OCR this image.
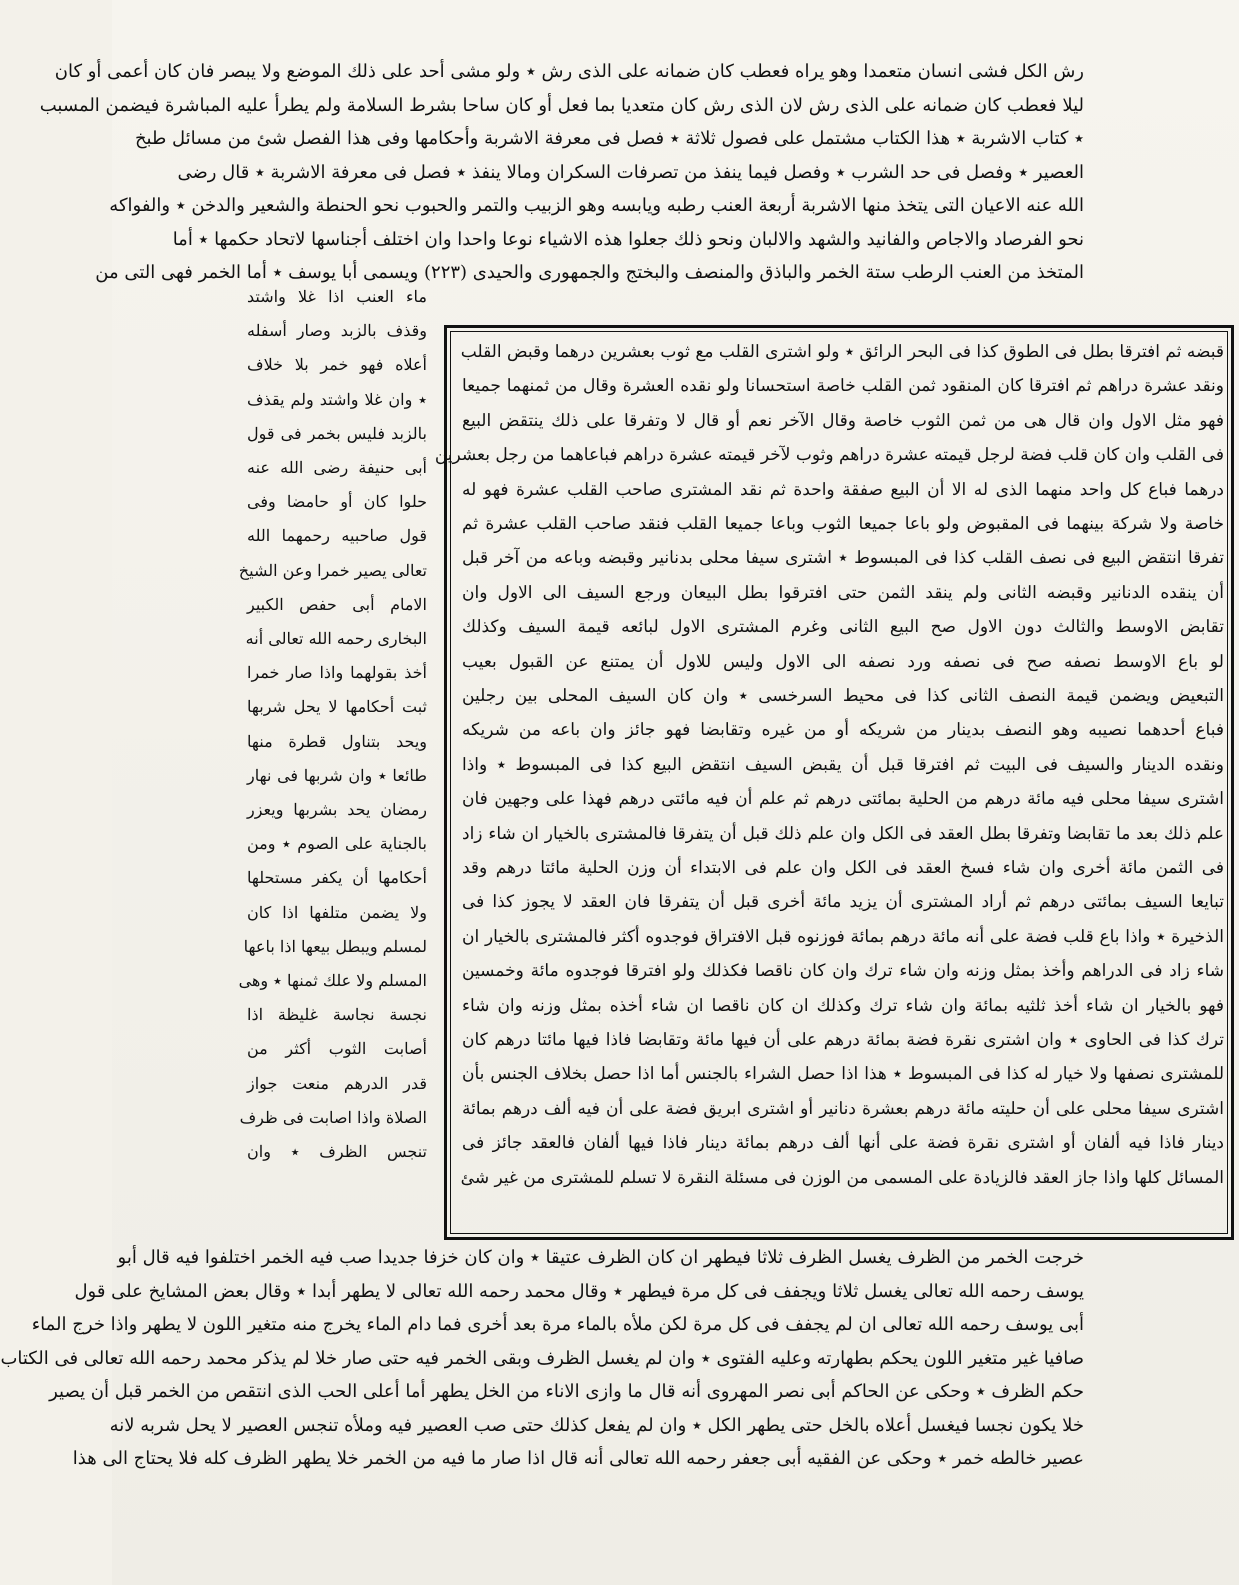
رش الكل فشى انسان متعمدا وهو يراه فعطب كان ضمانه على الذى رش ٭ ولو مشى أحد على ذلك الموضع ولا يبصر فان كان أعمى أو كان
ليلا فعطب كان ضمانه على الذى رش لان الذى رش كان متعديا بما فعل أو كان ساحا بشرط السلامة ولم يطرأ عليه المباشرة فيضمن المسبب
٭ كتاب الاشربة ٭ هذا الكتاب مشتمل على فصول ثلاثة ٭ فصل فى معرفة الاشربة وأحكامها وفى هذا الفصل شئ من مسائل طبخ
العصير ٭ وفصل فى حد الشرب ٭ وفصل فيما ينفذ من تصرفات السكران ومالا ينفذ ٭ فصل فى معرفة الاشربة ٭ قال رضى
الله عنه الاعيان التى يتخذ منها الاشربة أربعة العنب رطبه ويابسه وهو الزبيب والتمر والحبوب نحو الحنطة والشعير والدخن ٭ والفواكه
نحو الفرصاد والاجاص والفانيد والشهد والالبان ونحو ذلك جعلوا هذه الاشياء نوعا واحدا وان اختلف أجناسها لاتحاد حكمها ٭ أما
المتخذ من العنب الرطب ستة الخمر والباذق والمنصف والبختج والجمهورى والحيدى (٢٢٣) ويسمى أبا يوسف ٭ أما الخمر فهى التى من
ماء العنب اذا غلا واشتد
وقذف بالزبد وصار أسفله
أعلاه فهو خمر بلا خلاف
٭ وان غلا واشتد ولم يقذف
بالزبد فليس بخمر فى قول
أبى حنيفة رضى الله عنه
حلوا كان أو حامضا وفى
قول صاحبيه رحمهما الله
تعالى يصير خمرا وعن الشيخ
الامام أبى حفص الكبير
البخارى رحمه الله تعالى أنه
أخذ بقولهما واذا صار خمرا
ثبت أحكامها لا يحل شربها
ويحد بتناول قطرة منها
طائعا ٭ وان شربها فى نهار
رمضان يحد بشربها ويعزر
بالجناية على الصوم ٭ ومن
أحكامها أن يكفر مستحلها
ولا يضمن متلفها اذا كان
لمسلم ويبطل بيعها اذا باعها
المسلم ولا علك ثمنها ٭ وهى
نجسة نجاسة غليظة اذا
أصابت الثوب أكثر من
قدر الدرهم منعت جواز
الصلاة واذا اصابت فى ظرف
تنجس الظرف ٭ وان
قبضه ثم افترقا بطل فى الطوق كذا فى البحر الرائق ٭ ولو اشترى القلب مع ثوب بعشرين درهما وقبض القلب
ونقد عشرة دراهم ثم افترقا كان المنقود ثمن القلب خاصة استحسانا ولو نقده العشرة وقال من ثمنهما جميعا
فهو مثل الاول وان قال هى من ثمن الثوب خاصة وقال الآخر نعم أو قال لا وتفرقا على ذلك ينتقض البيع
فى القلب وان كان قلب فضة لرجل قيمته عشرة دراهم وثوب لآخر قيمته عشرة دراهم فباعاهما من رجل بعشرين
درهما فباع كل واحد منهما الذى له الا أن البيع صفقة واحدة ثم نقد المشترى صاحب القلب عشرة فهو له
خاصة ولا شركة بينهما فى المقبوض ولو باعا جميعا الثوب وباعا جميعا القلب فنقد صاحب القلب عشرة ثم
تفرقا انتقض البيع فى نصف القلب كذا فى المبسوط ٭ اشترى سيفا محلى بدنانير وقبضه وباعه من آخر قبل
أن ينقده الدنانير وقبضه الثانى ولم ينقد الثمن حتى افترقوا بطل البيعان ورجع السيف الى الاول وان
تقابض الاوسط والثالث دون الاول صح البيع الثانى وغرم المشترى الاول لبائعه قيمة السيف وكذلك
لو باع الاوسط نصفه صح فى نصفه ورد نصفه الى الاول وليس للاول أن يمتنع عن القبول بعيب
التبعيض ويضمن قيمة النصف الثانى كذا فى محيط السرخسى ٭ وان كان السيف المحلى بين رجلين
فباع أحدهما نصيبه وهو النصف بدينار من شريكه أو من غيره وتقابضا فهو جائز وان باعه من شريكه
ونقده الدينار والسيف فى البيت ثم افترقا قبل أن يقبض السيف انتقض البيع كذا فى المبسوط ٭ واذا
اشترى سيفا محلى فيه مائة درهم من الحلية بمائتى درهم ثم علم أن فيه مائتى درهم فهذا على وجهين فان
علم ذلك بعد ما تقابضا وتفرقا بطل العقد فى الكل وان علم ذلك قبل أن يتفرقا فالمشترى بالخيار ان شاء زاد
فى الثمن مائة أخرى وان شاء فسخ العقد فى الكل وان علم فى الابتداء أن وزن الحلية مائتا درهم وقد
تبايعا السيف بمائتى درهم ثم أراد المشترى أن يزيد مائة أخرى قبل أن يتفرقا فان العقد لا يجوز كذا فى
الذخيرة ٭ واذا باع قلب فضة على أنه مائة درهم بمائة فوزنوه قبل الافتراق فوجدوه أكثر فالمشترى بالخيار ان
شاء زاد فى الدراهم وأخذ بمثل وزنه وان شاء ترك وان كان ناقصا فكذلك ولو افترقا فوجدوه مائة وخمسين
فهو بالخيار ان شاء أخذ ثلثيه بمائة وان شاء ترك وكذلك ان كان ناقصا ان شاء أخذه بمثل وزنه وان شاء
ترك كذا فى الحاوى ٭ وان اشترى نقرة فضة بمائة درهم على أن فيها مائة وتقابضا فاذا فيها مائتا درهم كان
للمشترى نصفها ولا خيار له كذا فى المبسوط ٭ هذا اذا حصل الشراء بالجنس أما اذا حصل بخلاف الجنس بأن
اشترى سيفا محلى على أن حليته مائة درهم بعشرة دنانير أو اشترى ابريق فضة على أن فيه ألف درهم بمائة
دينار فاذا فيه ألفان أو اشترى نقرة فضة على أنها ألف درهم بمائة دينار فاذا فيها ألفان فالعقد جائز فى
المسائل كلها واذا جاز العقد فالزيادة على المسمى من الوزن فى مسئلة النقرة لا تسلم للمشترى من غير شئ
خرجت الخمر من الظرف يغسل الظرف ثلاثا فيطهر ان كان الظرف عتيقا ٭ وان كان خزفا جديدا صب فيه الخمر اختلفوا فيه قال أبو
يوسف رحمه الله تعالى يغسل ثلاثا ويجفف فى كل مرة فيطهر ٭ وقال محمد رحمه الله تعالى لا يطهر أبدا ٭ وقال بعض المشايخ على قول
أبى يوسف رحمه الله تعالى ان لم يجفف فى كل مرة لكن ملأه بالماء مرة بعد أخرى فما دام الماء يخرج منه متغير اللون لا يطهر واذا خرج الماء
صافيا غير متغير اللون يحكم بطهارته وعليه الفتوى ٭ وان لم يغسل الظرف وبقى الخمر فيه حتى صار خلا لم يذكر محمد رحمه الله تعالى فى الكتاب
حكم الظرف ٭ وحكى عن الحاكم أبى نصر المهروى أنه قال ما وازى الاناء من الخل يطهر أما أعلى الحب الذى انتقص من الخمر قبل أن يصير
خلا يكون نجسا فيغسل أعلاه بالخل حتى يطهر الكل ٭ وان لم يفعل كذلك حتى صب العصير فيه وملأه تنجس العصير لا يحل شربه لانه
عصير خالطه خمر ٭ وحكى عن الفقيه أبى جعفر رحمه الله تعالى أنه قال اذا صار ما فيه من الخمر خلا يطهر الظرف كله فلا يحتاج الى هذا
